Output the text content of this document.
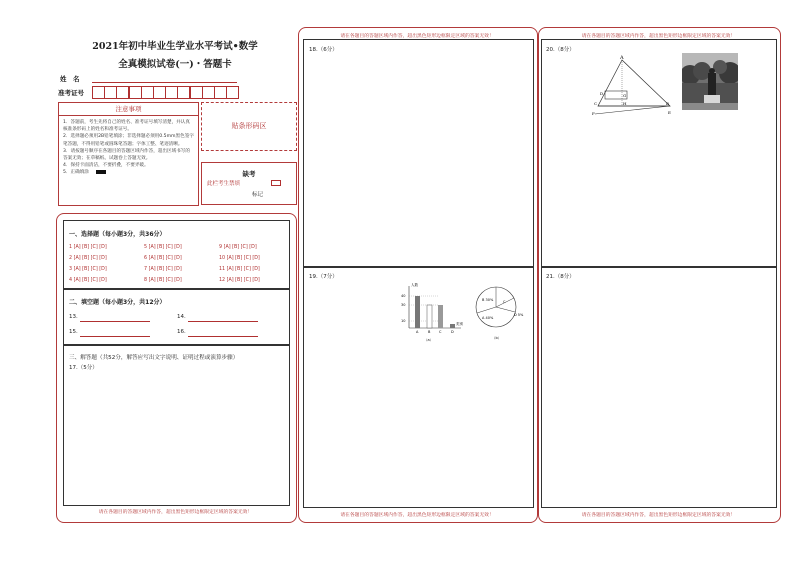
2021年初中毕业生学业水平考试•数学
全真模拟试卷(一)・答题卡
姓　名
准考证号
注意事项
1．答题前，考生先将自己的姓名、准考证号填写清楚，并认真核准条形码上的姓名和准考证号。
2．选择题必须用2B铅笔填涂；非选择题必须用0.5mm黑色签字笔答题，不得用铅笔或圆珠笔答题；字体工整、笔迹清晰。
3．请按题号顺序在各题目的答题区域内作答，超出区域书写的答案无效；在草稿纸、试题卷上答题无效。
4．保持卡面清洁，不要折叠，不要弄破。
5．正确填涂
贴条形码区
缺考
此栏考生禁填
标记
一、选择题（每小题3分，共36分）
1 [A] [B] [C] [D]	5 [A] [B] [C] [D]	9 [A] [B] [C] [D]
2 [A] [B] [C] [D]	6 [A] [B] [C] [D]	10 [A] [B] [C] [D]
3 [A] [B] [C] [D]	7 [A] [B] [C] [D]	11 [A] [B] [C] [D]
4 [A] [B] [C] [D]	8 [A] [B] [C] [D]	12 [A] [B] [C] [D]
二、填空题（每小题3分，共12分）
13.	14.
15.	16.
三、解答题（共52分，解答应写出文字说明、证明过程或演算步骤）
17.（5分）
请在各题目的答题区域内作答，超出黑色矩形边框限定区域的答案无效！
请在各题目的答题区域内作答，超出黑色矩形边框限定区域的答案无效！
18.（6分）
19.（7分）
人数
40
30
10
A	B C	D
类别
（a）
B 30%	C
A 40%
D 5%
（b）
请在各题目的答题区域内作答，超出黑色矩形边框限定区域的答案无效！
请在各题目的答题区域内作答，超出黑色矩形边框限定区域的答案无效！
20.（8分）
A
G
H
D
C
F
B
E
21.（8分）
请在各题目的答题区域内作答，超出黑色矩形边框限定区域的答案无效！
